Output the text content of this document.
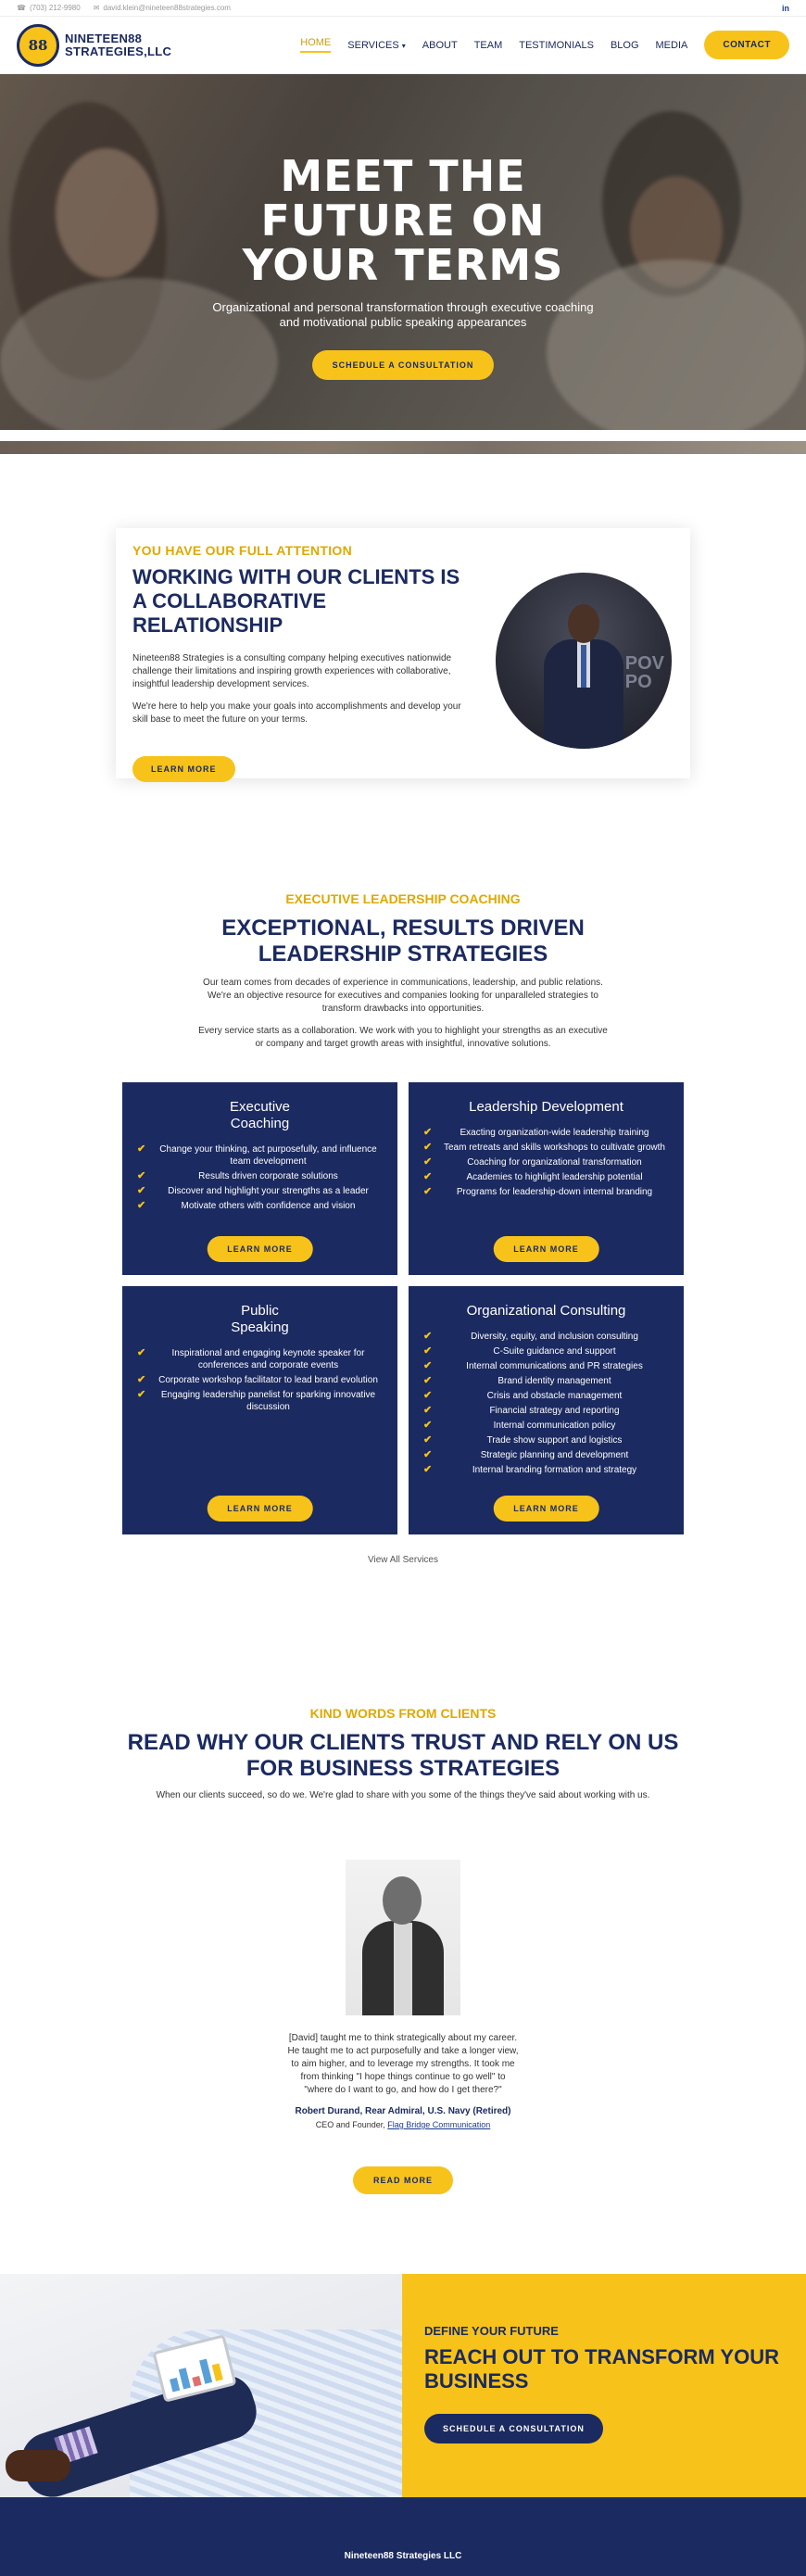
☎ (703) 212-9980 ✉ david.klein@nineteen88strategies.com	in
88	NINETEEN88
STRATEGIES,LLC
HOME SERVICES ▾ ABOUT TEAM TESTIMONIALS BLOG MEDIA	CONTACT
MEET THE
FUTURE ON
YOUR TERMS
Organizational and personal transformation through executive coaching
and motivational public speaking appearances
SCHEDULE A CONSULTATION
YOU HAVE OUR FULL ATTENTION
WORKING WITH OUR CLIENTS IS A COLLABORATIVE RELATIONSHIP

Nineteen88 Strategies is a consulting company helping executives nationwide challenge their limitations and inspiring growth experiences with collaborative, insightful leadership development services.

We're here to help you make your goals into accomplishments and develop your skill base to meet the future on your terms.

POV
PO
LEARN MORE
EXECUTIVE LEADERSHIP COACHING
EXCEPTIONAL, RESULTS DRIVEN LEADERSHIP STRATEGIES
Our team comes from decades of experience in communications, leadership, and public relations. We're an objective resource for executives and companies looking for unparalleled strategies to transform drawbacks into opportunities.
Every service starts as a collaboration. We work with you to highlight your strengths as an executive or company and target growth areas with insightful, innovative solutions.
Executive
Coaching
✔ Change your thinking, act purposefully, and influence team development
✔	Results driven corporate solutions
✔ Discover and highlight your strengths as a leader
✔	Motivate others with confidence and vision
LEARN MORE
Leadership Development
✔	Exacting organization-wide leadership training
✔ Team retreats and skills workshops to cultivate growth
✔	Coaching for organizational transformation
✔	Academies to highlight leadership potential
✔	Programs for leadership-down internal branding
LEARN MORE
Public
Speaking
✔	Inspirational and engaging keynote speaker for conferences and corporate events
✔ Corporate workshop facilitator to lead brand evolution
✔ Engaging leadership panelist for sparking innovative discussion
LEARN MORE
Organizational Consulting
✔	Diversity, equity, and inclusion consulting
✔	C-Suite guidance and support
✔	Internal communications and PR strategies
✔	Brand identity management
✔	Crisis and obstacle management
✔	Financial strategy and reporting
✔	Internal communication policy
✔	Trade show support and logistics
✔	Strategic planning and development
✔	Internal branding formation and strategy
LEARN MORE
View All Services
KIND WORDS FROM CLIENTS
READ WHY OUR CLIENTS TRUST AND RELY ON US FOR BUSINESS STRATEGIES
When our clients succeed, so do we. We're glad to share with you some of the things they've said about working with us.
[David] taught me to think strategically about my career. He taught me to act purposefully and take a longer view, to aim higher, and to leverage my strengths. It took me from thinking "I hope things continue to go well" to "where do I want to go, and how do I get there?"
Robert Durand, Rear Admiral, U.S. Navy (Retired)
CEO and Founder, Flag Bridge Communication
READ MORE
DEFINE YOUR FUTURE
REACH OUT TO TRANSFORM YOUR BUSINESS
SCHEDULE A CONSULTATION
Nineteen88 Strategies LLC
